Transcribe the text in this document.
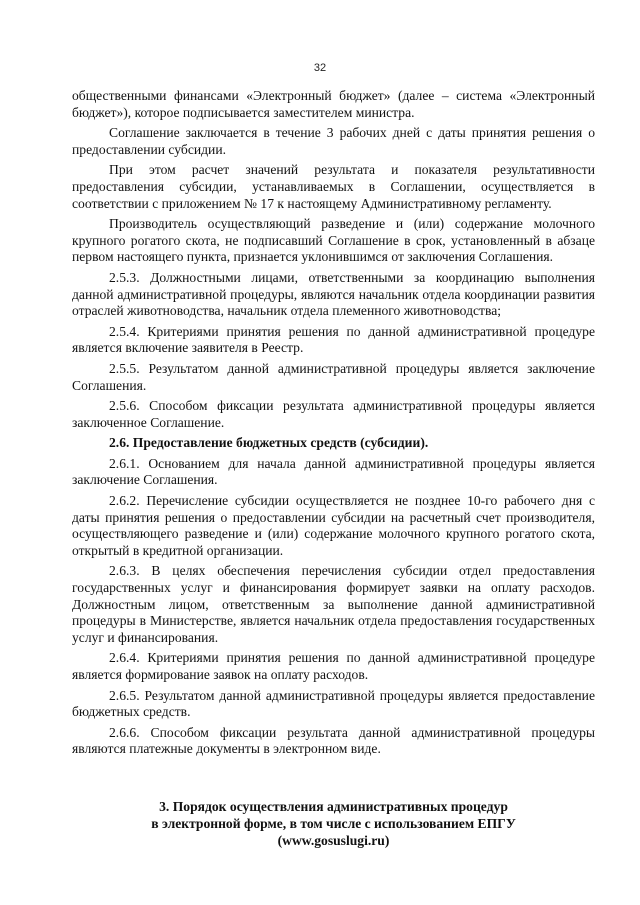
32

общественными финансами «Электронный бюджет» (далее – система «Электронный бюджет»), которое подписывается заместителем министра.

Соглашение заключается в течение 3 рабочих дней с даты принятия решения о предоставлении субсидии.

При этом расчет значений результата и показателя результативности предоставления субсидии, устанавливаемых в Соглашении, осуществляется в соответствии с приложением № 17 к настоящему Административному регламенту.

Производитель осуществляющий разведение и (или) содержание молочного крупного рогатого скота, не подписавший Соглашение в срок, установленный в абзаце первом настоящего пункта, признается уклонившимся от заключения Соглашения.

2.5.3. Должностными лицами, ответственными за координацию выполнения данной административной процедуры, являются начальник отдела координации развития отраслей животноводства, начальник отдела племенного животноводства;

2.5.4. Критериями принятия решения по данной административной процедуре является включение заявителя в Реестр.

2.5.5. Результатом данной административной процедуры является заключение Соглашения.

2.5.6. Способом фиксации результата административной процедуры является заключенное Соглашение.

2.6. Предоставление бюджетных средств (субсидии).

2.6.1. Основанием для начала данной административной процедуры является заключение Соглашения.

2.6.2. Перечисление субсидии осуществляется не позднее 10-го рабочего дня с даты принятия решения о предоставлении субсидии на расчетный счет производителя, осуществляющего разведение и (или) содержание молочного крупного рогатого скота, открытый в кредитной организации.

2.6.3. В целях обеспечения перечисления субсидии отдел предоставления государственных услуг и финансирования формирует заявки на оплату расходов. Должностным лицом, ответственным за выполнение данной административной процедуры в Министерстве, является начальник отдела предоставления государственных услуг и финансирования.

2.6.4. Критериями принятия решения по данной административной процедуре является формирование заявок на оплату расходов.

2.6.5. Результатом данной административной процедуры является предоставление бюджетных средств.

2.6.6. Способом фиксации результата данной административной процедуры являются платежные документы в электронном виде.

3. Порядок осуществления административных процедур
в электронной форме, в том числе с использованием ЕПГУ
(www.gosuslugi.ru)
